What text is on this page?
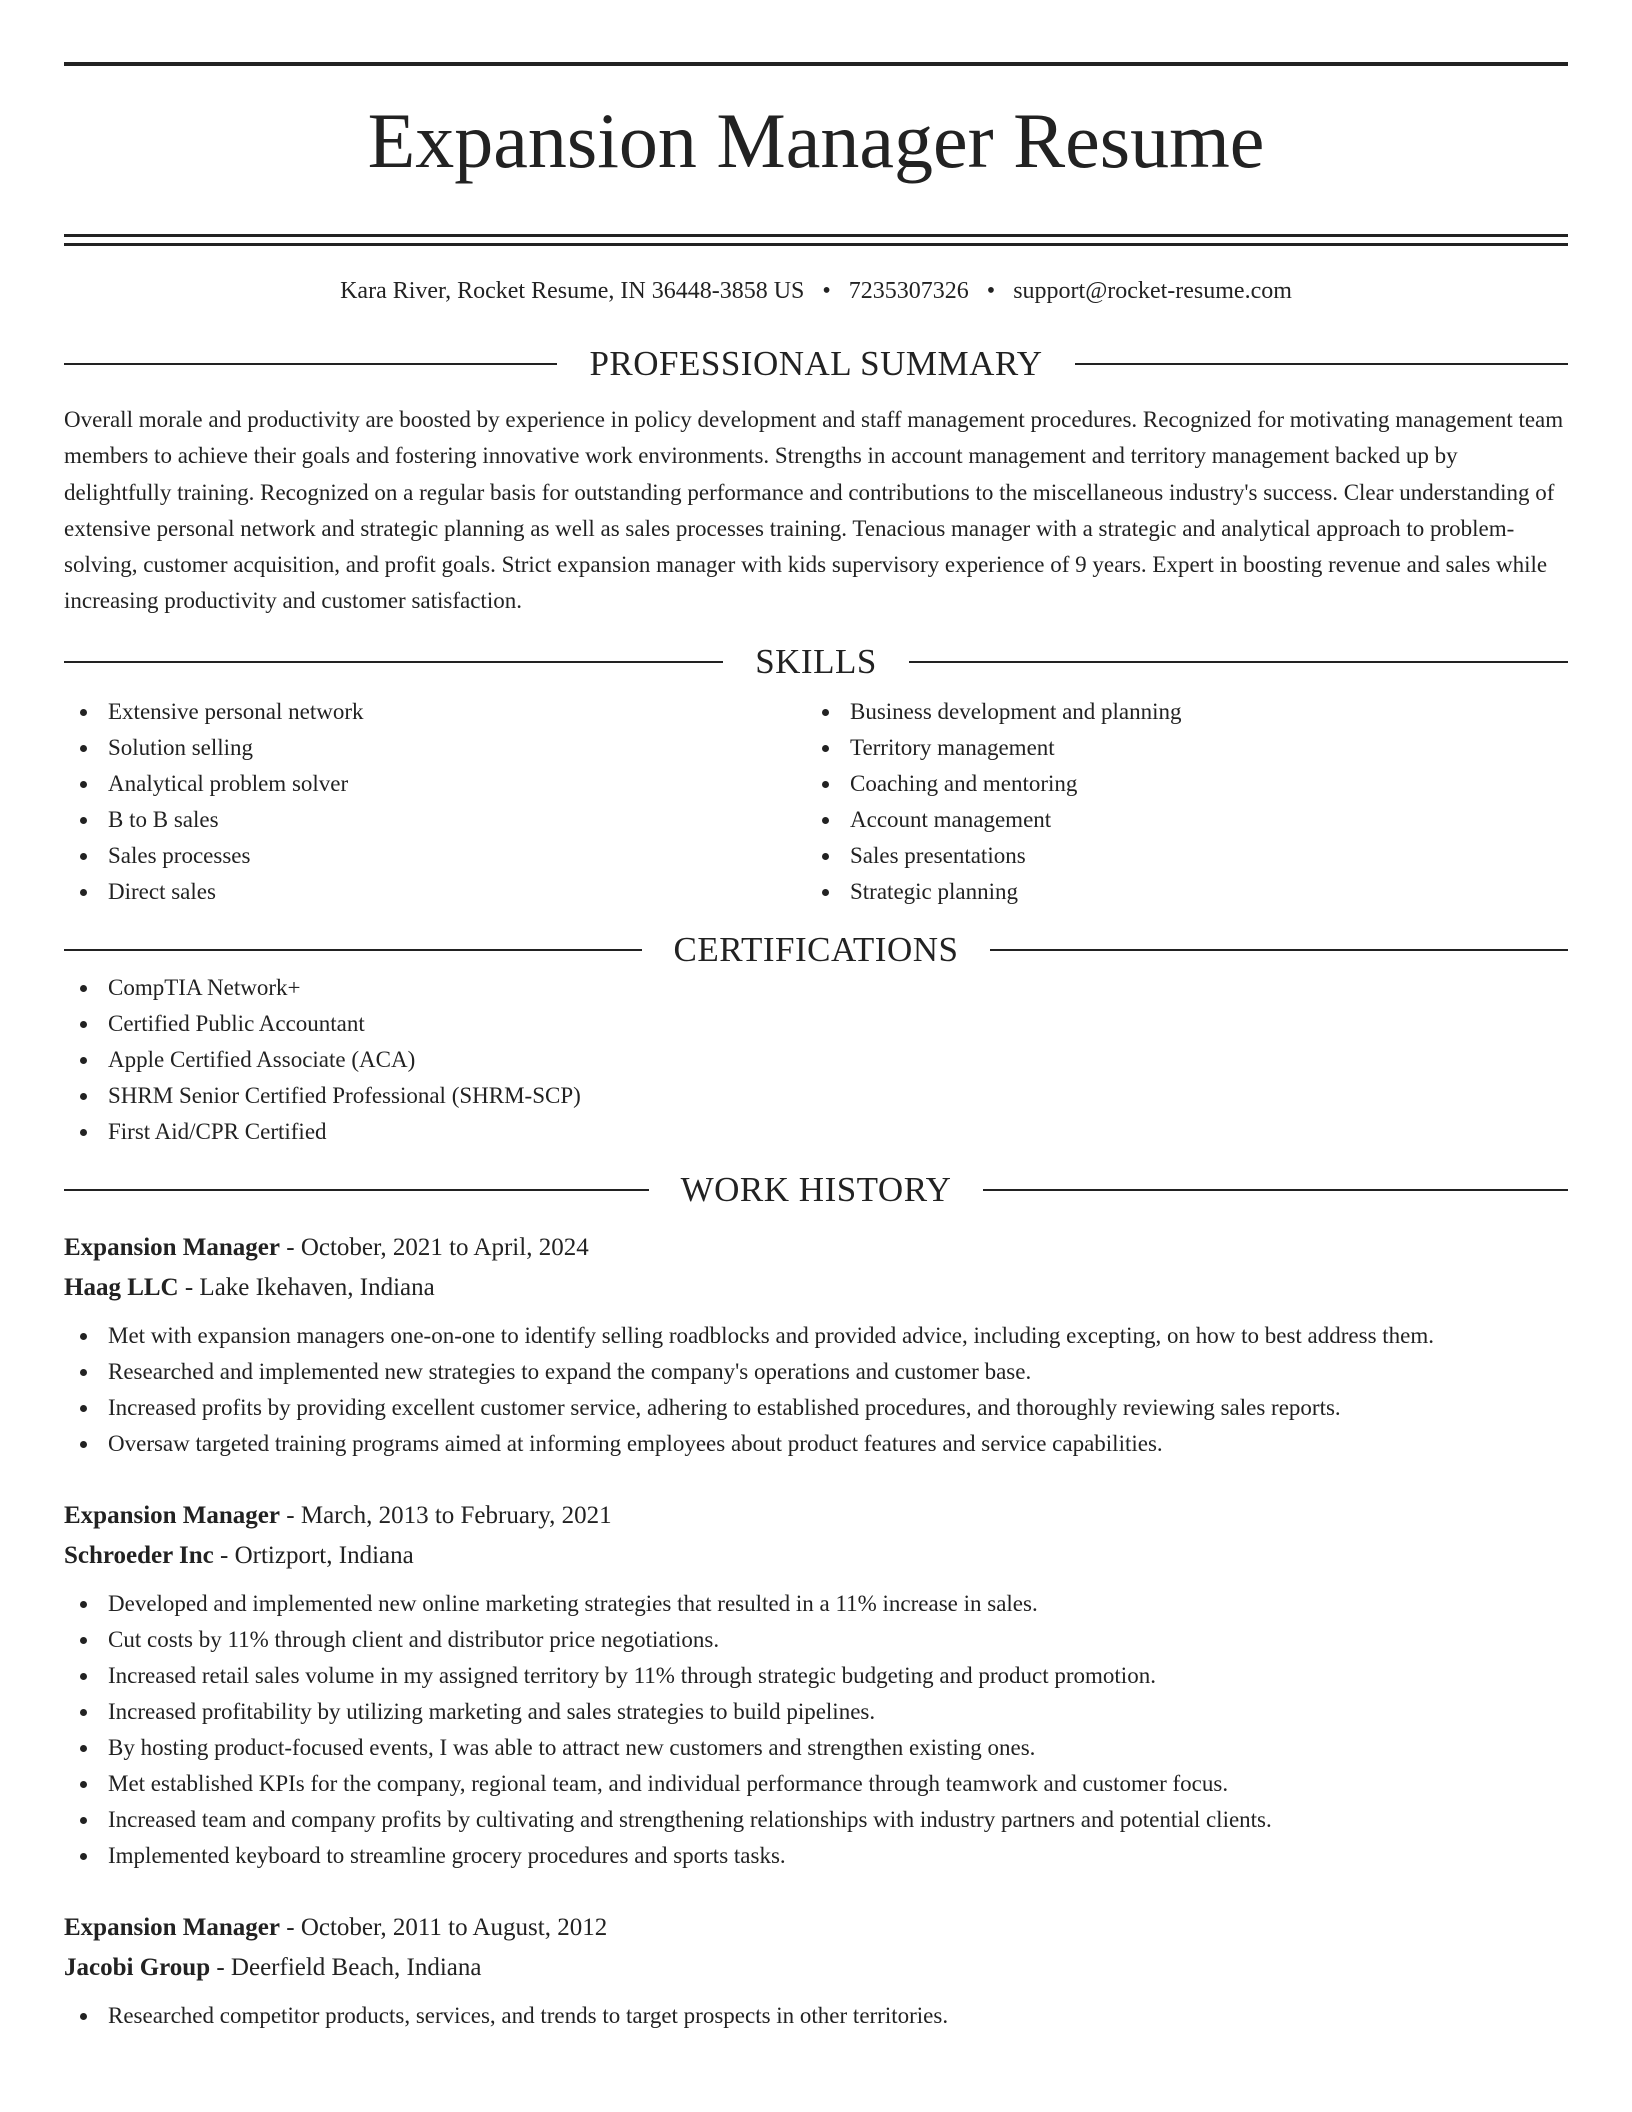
Expansion Manager Resume
Kara River, Rocket Resume, IN 36448-3858 US • 7235307326 • support@rocket-resume.com
PROFESSIONAL SUMMARY

Overall morale and productivity are boosted by experience in policy development and staff management procedures. Recognized for motivating management team members to achieve their goals and fostering innovative work environments. Strengths in account management and territory management backed up by delightfully training. Recognized on a regular basis for outstanding performance and contributions to the miscellaneous industry's success. Clear understanding of extensive personal network and strategic planning as well as sales processes training. Tenacious manager with a strategic and analytical approach to problem-solving, customer acquisition, and profit goals. Strict expansion manager with kids supervisory experience of 9 years. Expert in boosting revenue and sales while increasing productivity and customer satisfaction.

SKILLS
Extensive personal network
Solution selling
Analytical problem solver
B to B sales
Sales processes
Direct sales
Business development and planning
Territory management
Coaching and mentoring
Account management
Sales presentations
Strategic planning
CERTIFICATIONS
CompTIA Network+
Certified Public Accountant
Apple Certified Associate (ACA)
SHRM Senior Certified Professional (SHRM-SCP)
First Aid/CPR Certified
WORK HISTORY
Expansion Manager - October, 2021 to April, 2024
Haag LLC - Lake Ikehaven, Indiana
Met with expansion managers one-on-one to identify selling roadblocks and provided advice, including excepting, on how to best address them.
Researched and implemented new strategies to expand the company's operations and customer base.
Increased profits by providing excellent customer service, adhering to established procedures, and thoroughly reviewing sales reports.
Oversaw targeted training programs aimed at informing employees about product features and service capabilities.
Expansion Manager - March, 2013 to February, 2021
Schroeder Inc - Ortizport, Indiana
Developed and implemented new online marketing strategies that resulted in a 11% increase in sales.
Cut costs by 11% through client and distributor price negotiations.
Increased retail sales volume in my assigned territory by 11% through strategic budgeting and product promotion.
Increased profitability by utilizing marketing and sales strategies to build pipelines.
By hosting product-focused events, I was able to attract new customers and strengthen existing ones.
Met established KPIs for the company, regional team, and individual performance through teamwork and customer focus.
Increased team and company profits by cultivating and strengthening relationships with industry partners and potential clients.
Implemented keyboard to streamline grocery procedures and sports tasks.
Expansion Manager - October, 2011 to August, 2012
Jacobi Group - Deerfield Beach, Indiana
Researched competitor products, services, and trends to target prospects in other territories.
